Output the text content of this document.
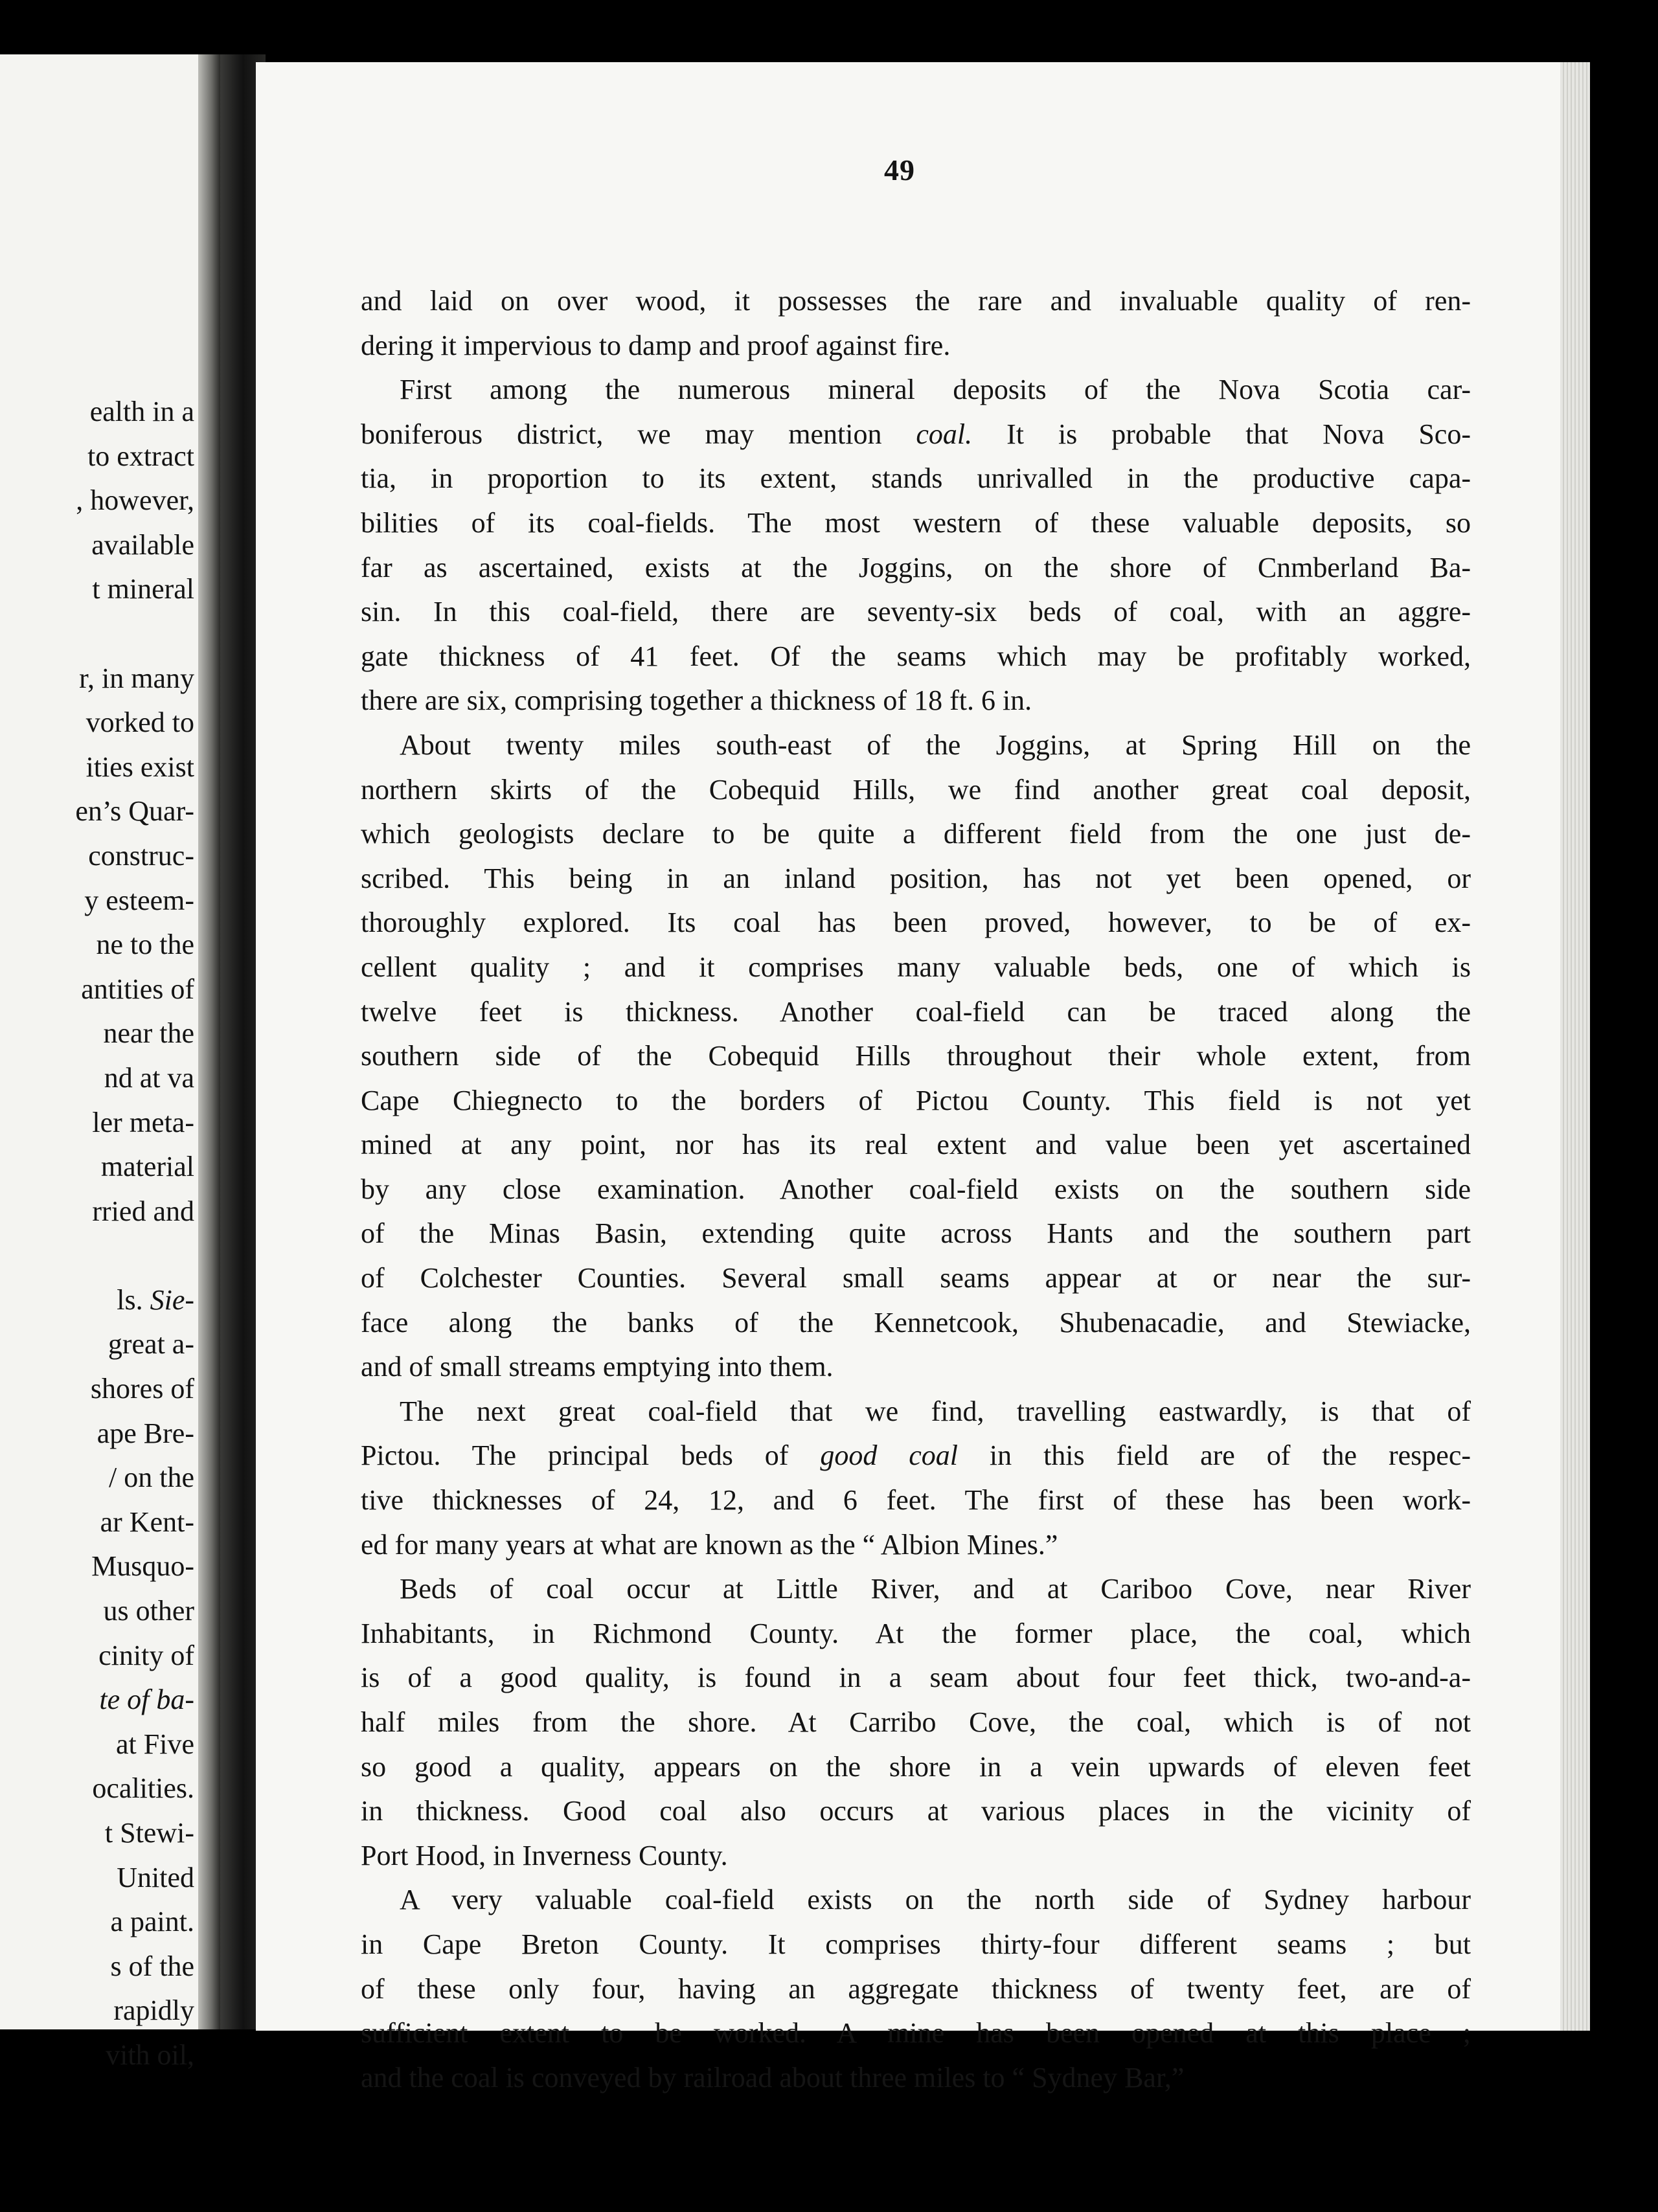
ealth in a
to extract
, however,
available
t mineral
r, in many
vorked to
ities exist
en’s Quar-
construc-
y esteem-
ne to the
antities of
near the
nd at va
ler meta-
material
rried and
ls. Sie-
great a-
shores of
ape Bre-
/ on the
ar Kent-
Musquo-
us other
cinity of
te of ba-
at Five
ocalities.
t Stewi-
United
a paint.
s of the
rapidly
vith oil,
49
and laid on over wood, it possesses the rare and invaluable quality of ren-
dering it impervious to damp and proof against fire.
First among the numerous mineral deposits of the Nova Scotia car-
boniferous district, we may mention coal. It is probable that Nova Sco-
tia, in proportion to its extent, stands unrivalled in the productive capa-
bilities of its coal-fields. The most western of these valuable deposits, so
far as ascertained, exists at the Joggins, on the shore of Cnmberland Ba-
sin. In this coal-field, there are seventy-six beds of coal, with an aggre-
gate thickness of 41 feet. Of the seams which may be profitably worked,
there are six, comprising together a thickness of 18 ft. 6 in.
About twenty miles south-east of the Joggins, at Spring Hill on the
northern skirts of the Cobequid Hills, we find another great coal deposit,
which geologists declare to be quite a different field from the one just de-
scribed. This being in an inland position, has not yet been opened, or
thoroughly explored. Its coal has been proved, however, to be of ex-
cellent quality ; and it comprises many valuable beds, one of which is
twelve feet is thickness. Another coal-field can be traced along the
southern side of the Cobequid Hills throughout their whole extent, from
Cape Chiegnecto to the borders of Pictou County. This field is not yet
mined at any point, nor has its real extent and value been yet ascertained
by any close examination. Another coal-field exists on the southern side
of the Minas Basin, extending quite across Hants and the southern part
of Colchester Counties. Several small seams appear at or near the sur-
face along the banks of the Kennetcook, Shubenacadie, and Stewiacke,
and of small streams emptying into them.
The next great coal-field that we find, travelling eastwardly, is that of
Pictou. The principal beds of good coal in this field are of the respec-
tive thicknesses of 24, 12, and 6 feet. The first of these has been work-
ed for many years at what are known as the “ Albion Mines.”
Beds of coal occur at Little River, and at Cariboo Cove, near River
Inhabitants, in Richmond County. At the former place, the coal, which
is of a good quality, is found in a seam about four feet thick, two-and-a-
half miles from the shore. At Carribo Cove, the coal, which is of not
so good a quality, appears on the shore in a vein upwards of eleven feet
in thickness. Good coal also occurs at various places in the vicinity of
Port Hood, in Inverness County.
A very valuable coal-field exists on the north side of Sydney harbour
in Cape Breton County. It comprises thirty-four different seams ; but
of these only four, having an aggregate thickness of twenty feet, are of
sufficient extent to be worked. A mine has been opened at this place ;
and the coal is conveyed by railroad about three miles to “ Sydney Bar,”
